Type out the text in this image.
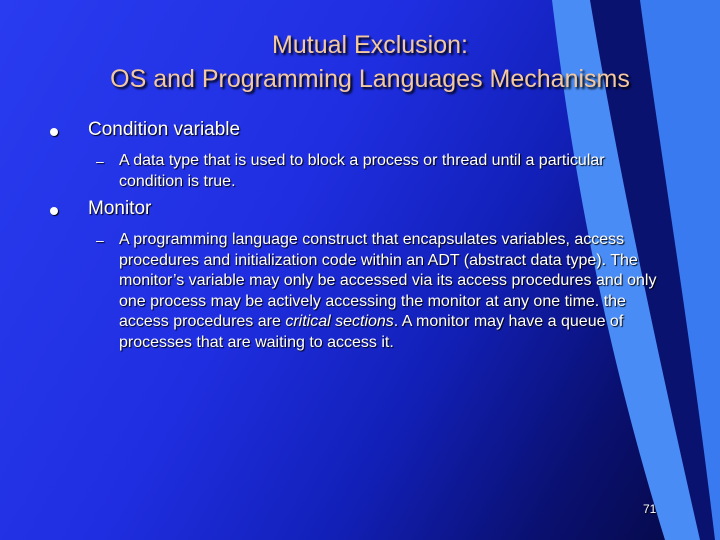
Mutual Exclusion:
OS and Programming Languages Mechanisms
Condition variable
– A data type that is used to block a process or thread until a particular condition is true.
Monitor
– A programming language construct that encapsulates variables, access procedures and initialization code within an ADT (abstract data type). The monitor’s variable may only be accessed via its access procedures and only one process may be actively accessing the monitor at any one time. the access procedures are critical sections. A monitor may have a queue of processes that are waiting to access it.
71
